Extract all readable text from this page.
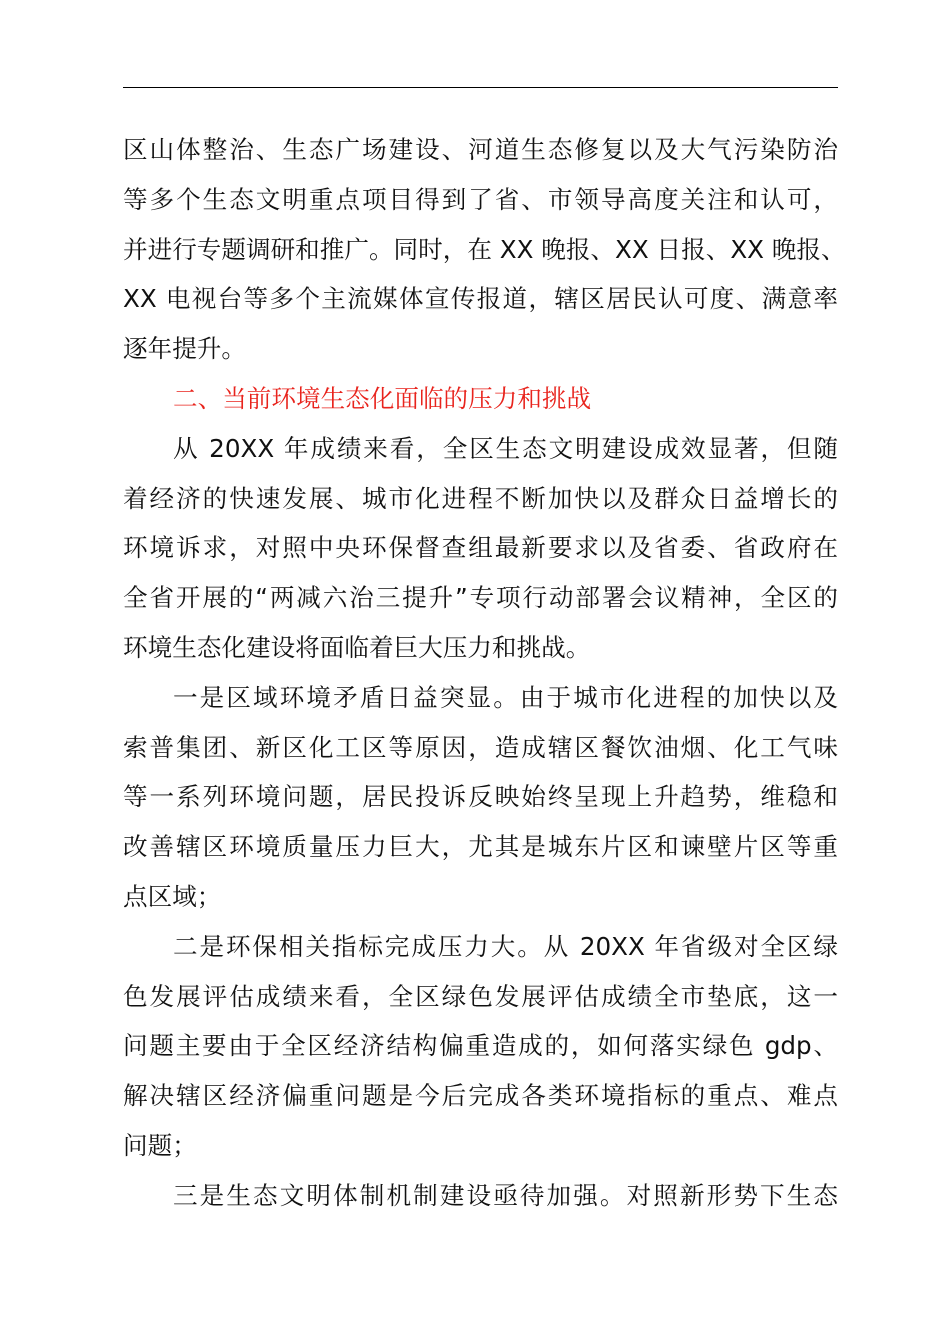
区山体整治、生态广场建设、河道生态修复以及大气污染防治
等多个生态文明重点项目得到了省、市领导高度关注和认可，
并进行专题调研和推广。同时，在 XX 晚报、XX 日报、XX 晚报、
XX 电视台等多个主流媒体宣传报道，辖区居民认可度、满意率
逐年提升。
二、当前环境生态化面临的压力和挑战
从 20XX 年成绩来看，全区生态文明建设成效显著，但随
着经济的快速发展、城市化进程不断加快以及群众日益增长的
环境诉求，对照中央环保督查组最新要求以及省委、省政府在
全省开展的“两减六治三提升”专项行动部署会议精神，全区的
环境生态化建设将面临着巨大压力和挑战。
一是区域环境矛盾日益突显。由于城市化进程的加快以及
索普集团、新区化工区等原因，造成辖区餐饮油烟、化工气味
等一系列环境问题，居民投诉反映始终呈现上升趋势，维稳和
改善辖区环境质量压力巨大，尤其是城东片区和谏壁片区等重
点区域；
二是环保相关指标完成压力大。从 20XX 年省级对全区绿
色发展评估成绩来看，全区绿色发展评估成绩全市垫底，这一
问题主要由于全区经济结构偏重造成的，如何落实绿色 gdp、
解决辖区经济偏重问题是今后完成各类环境指标的重点、难点
问题；
三是生态文明体制机制建设亟待加强。对照新形势下生态
